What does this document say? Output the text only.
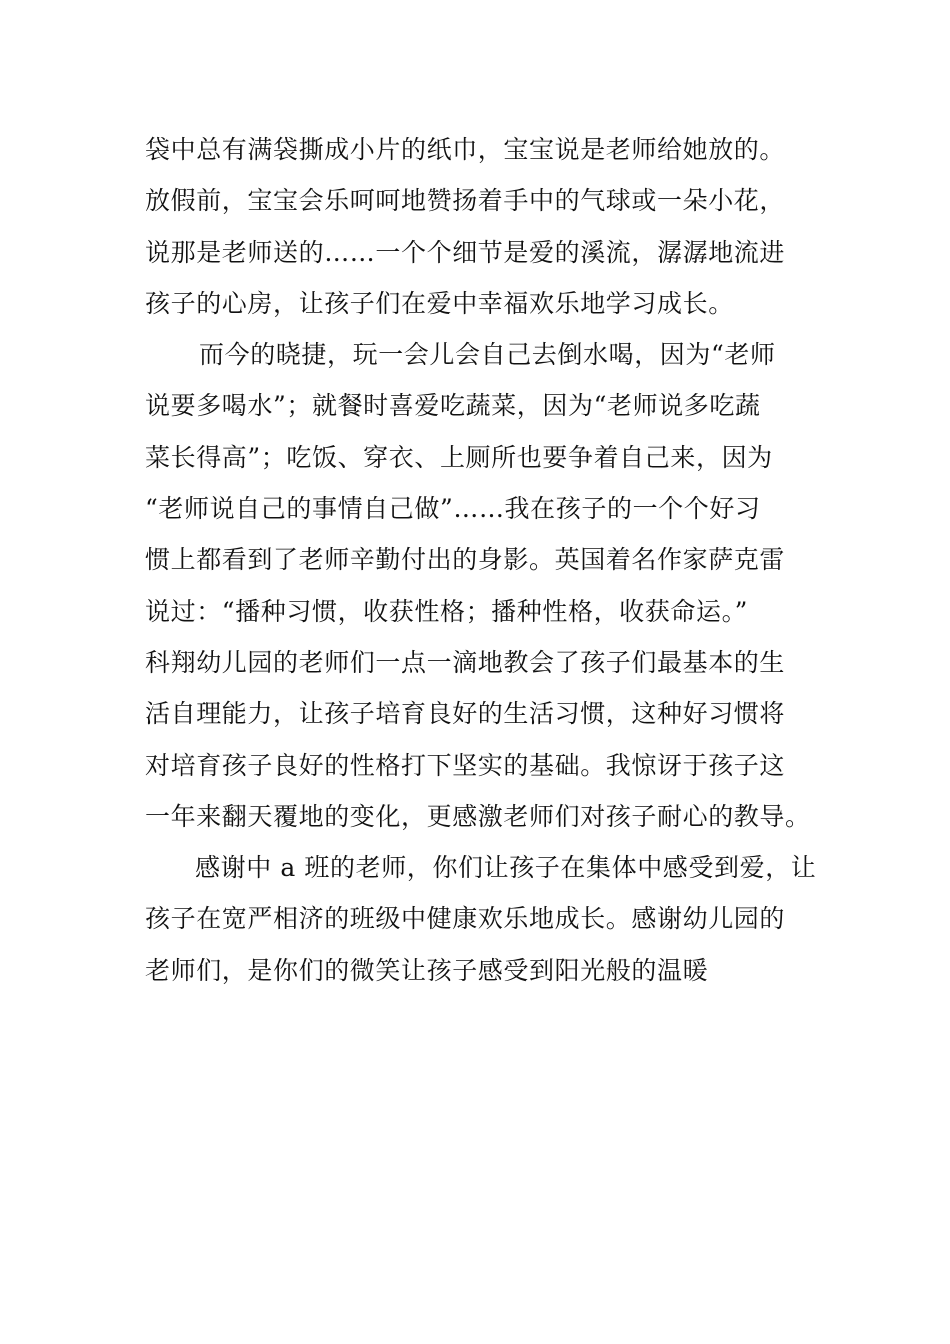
袋中总有满袋撕成小片的纸巾，宝宝说是老师给她放的。
放假前，宝宝会乐呵呵地赞扬着手中的气球或一朵小花，
说那是老师送的……一个个细节是爱的溪流，潺潺地流进
孩子的心房，让孩子们在爱中幸福欢乐地学习成长。
而今的晓捷，玩一会儿会自己去倒水喝，因为“老师
说要多喝水”；就餐时喜爱吃蔬菜，因为“老师说多吃蔬
菜长得高”；吃饭、穿衣、上厕所也要争着自己来，因为
“老师说自己的事情自己做”……我在孩子的一个个好习
惯上都看到了老师辛勤付出的身影。英国着名作家萨克雷
说过：“播种习惯，收获性格；播种性格，收获命运。”
科翔幼儿园的老师们一点一滴地教会了孩子们最基本的生
活自理能力，让孩子培育良好的生活习惯，这种好习惯将
对培育孩子良好的性格打下坚实的基础。我惊讶于孩子这
一年来翻天覆地的变化，更感激老师们对孩子耐心的教导。
感谢中 a 班的老师，你们让孩子在集体中感受到爱，让
孩子在宽严相济的班级中健康欢乐地成长。感谢幼儿园的
老师们，是你们的微笑让孩子感受到阳光般的温暖
